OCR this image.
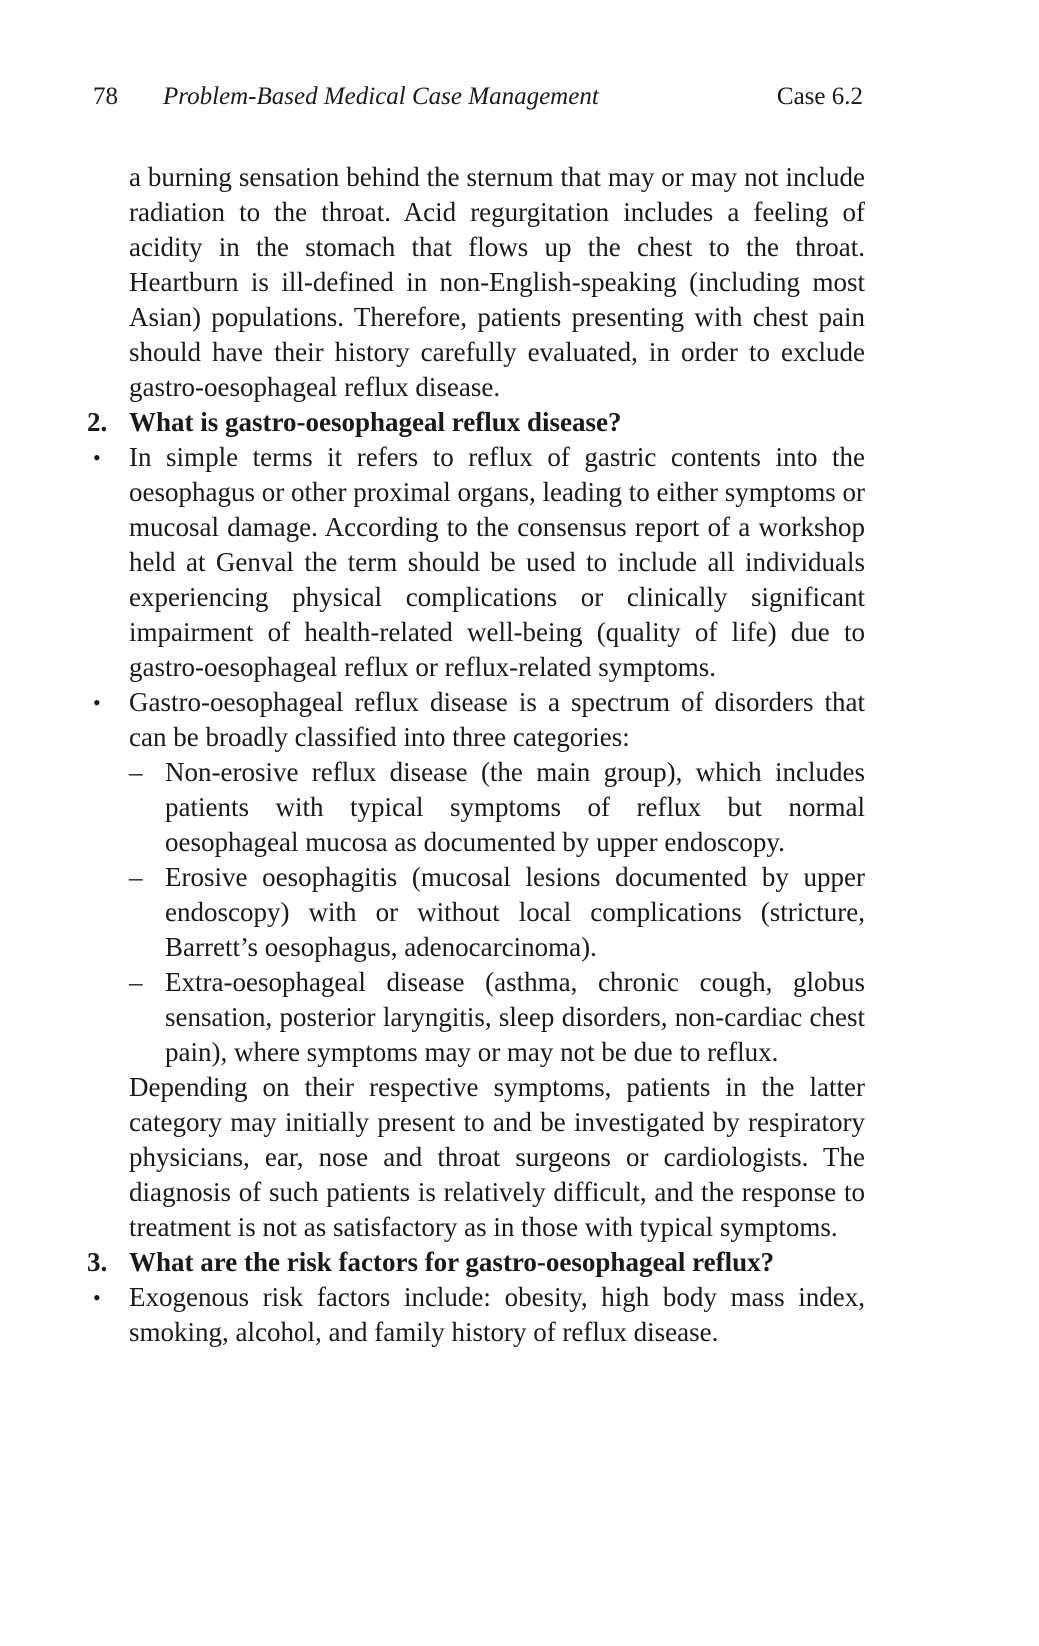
78 Problem-Based Medical Case Management	Case 6.2

a burning sensation behind the sternum that may or may not include radiation to the throat. Acid regurgitation includes a feeling of acidity in the stomach that flows up the chest to the throat. Heartburn is ill-defined in non-English-speaking (including most Asian) populations. Therefore, patients presenting with chest pain should have their history carefully evaluated, in order to exclude gastro-oesophageal reflux disease.

2. What is gastro-oesophageal reflux disease?
• In simple terms it refers to reflux of gastric contents into the oesophagus or other proximal organs, leading to either symptoms or mucosal damage. According to the consensus report of a workshop held at Genval the term should be used to include all individuals experiencing physical complications or clinically significant impairment of health-related well-being (quality of life) due to gastro-oesophageal reflux or reflux-related symptoms.
• Gastro-oesophageal reflux disease is a spectrum of disorders that can be broadly classified into three categories:
– Non-erosive reflux disease (the main group), which includes patients with typical symptoms of reflux but normal oesophageal mucosa as documented by upper endoscopy.
– Erosive oesophagitis (mucosal lesions documented by upper endoscopy) with or without local complications (stricture, Barrett’s oesophagus, adenocarcinoma).
– Extra-oesophageal disease (asthma, chronic cough, globus sensation, posterior laryngitis, sleep disorders, non-cardiac chest pain), where symptoms may or may not be due to reflux.

Depending on their respective symptoms, patients in the latter category may initially present to and be investigated by respiratory physicians, ear, nose and throat surgeons or cardiologists. The diagnosis of such patients is relatively difficult, and the response to treatment is not as satisfactory as in those with typical symptoms.

3. What are the risk factors for gastro-oesophageal reflux?
• Exogenous risk factors include: obesity, high body mass index, smoking, alcohol, and family history of reflux disease.
